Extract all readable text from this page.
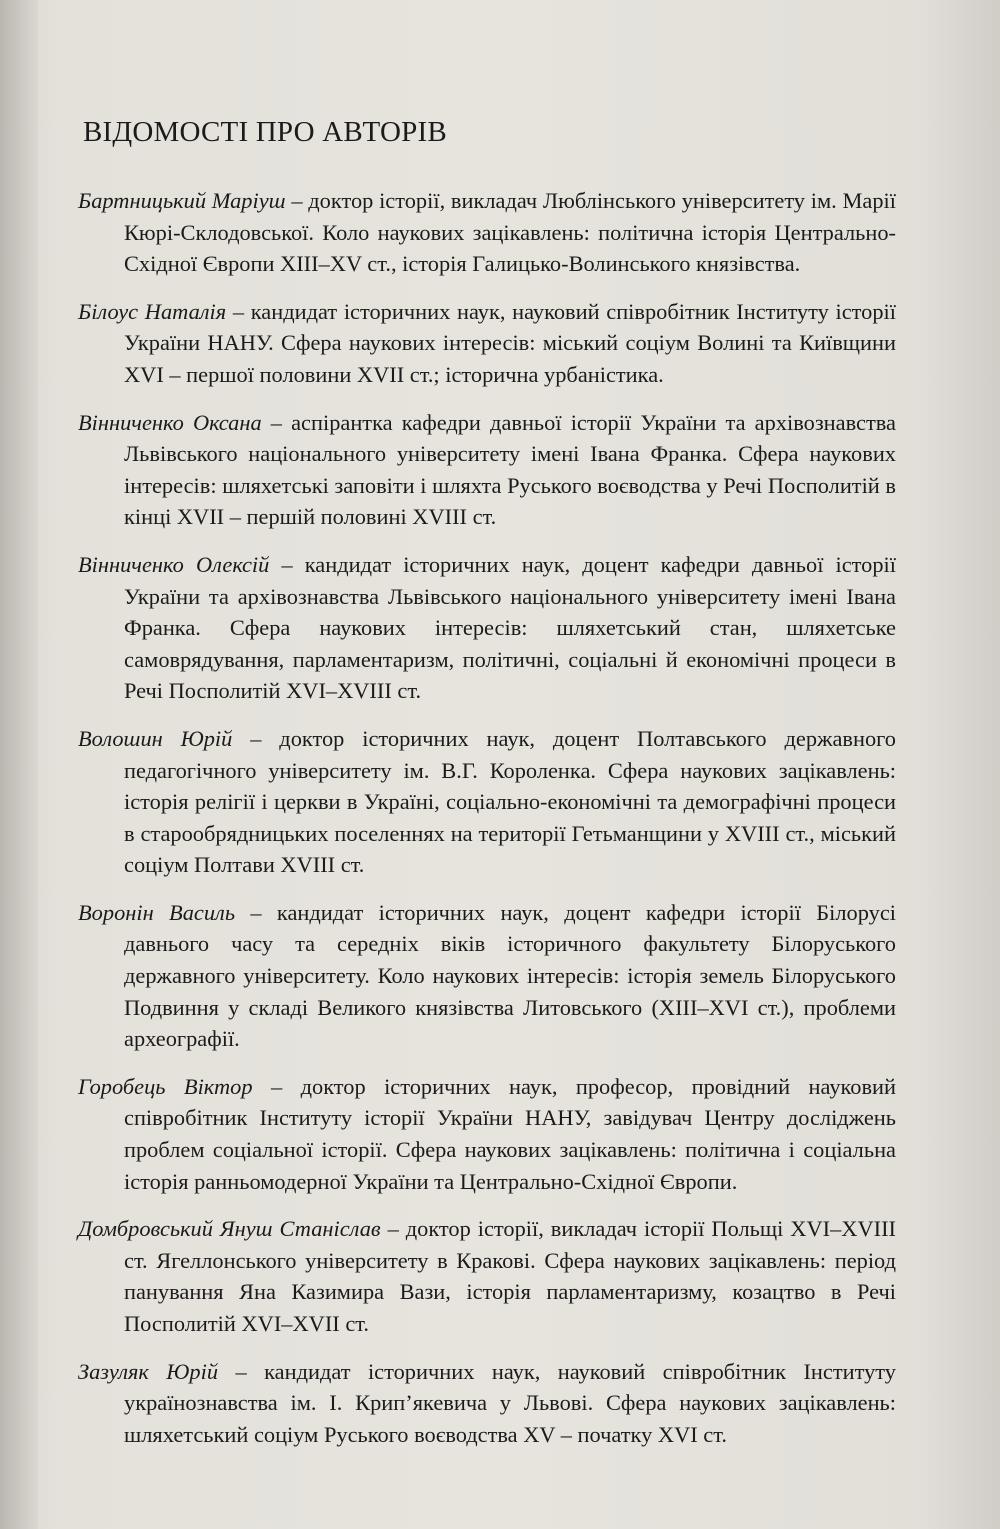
ВІДОМОСТІ ПРО АВТОРІВ

Бартницький Маріуш – доктор історії, викладач Люблінського університету ім. Марії Кюрі-Склодовської. Коло наукових зацікавлень: політична історія Центрально-Східної Європи XIII–XV ст., історія Галицько-Волинського князівства.

Білоус Наталія – кандидат історичних наук, науковий співробітник Інституту історії України НАНУ. Сфера наукових інтересів: міський соціум Волині та Київщини XVI – першої половини XVII ст.; історична урбаністика.

Вінниченко Оксана – аспірантка кафедри давньої історії України та архівознавства Львівського національного університету імені Івана Франка. Сфера наукових інтересів: шляхетські заповіти і шляхта Руського воєводства у Речі Посполитій в кінці XVII – першій половині XVIII ст.

Вінниченко Олексій – кандидат історичних наук, доцент кафедри давньої історії України та архівознавства Львівського національного університету імені Івана Франка. Сфера наукових інтересів: шляхетський стан, шляхетське самоврядування, парламентаризм, політичні, соціальні й економічні процеси в Речі Посполитій XVI–XVIII ст.

Волошин Юрій – доктор історичних наук, доцент Полтавського державного педагогічного університету ім. В.Г. Короленка. Сфера наукових зацікавлень: історія релігії і церкви в Україні, соціально-економічні та демографічні процеси в старообрядницьких поселеннях на території Гетьманщини у XVIII ст., міський соціум Полтави XVIII ст.

Воронін Василь – кандидат історичних наук, доцент кафедри історії Білорусі давнього часу та середніх віків історичного факультету Білоруського державного університету. Коло наукових інтересів: історія земель Білоруського Подвиння у складі Великого князівства Литовського (XIII–XVI ст.), проблеми археографії.

Горобець Віктор – доктор історичних наук, професор, провідний науковий співробітник Інституту історії України НАНУ, завідувач Центру досліджень проблем соціальної історії. Сфера наукових зацікавлень: політична і соціальна історія ранньомодерної України та Центрально-Східної Європи.

Домбровський Януш Станіслав – доктор історії, викладач історії Польщі XVI–XVIII ст. Ягеллонського університету в Кракові. Сфера наукових зацікавлень: період панування Яна Казимира Вази, історія парламентаризму, козацтво в Речі Посполитій XVI–XVII ст.

Зазуляк Юрій – кандидат історичних наук, науковий співробітник Інституту українознавства ім. І. Крип’якевича у Львові. Сфера наукових зацікавлень: шляхетський соціум Руського воєводства XV – початку XVI ст.
